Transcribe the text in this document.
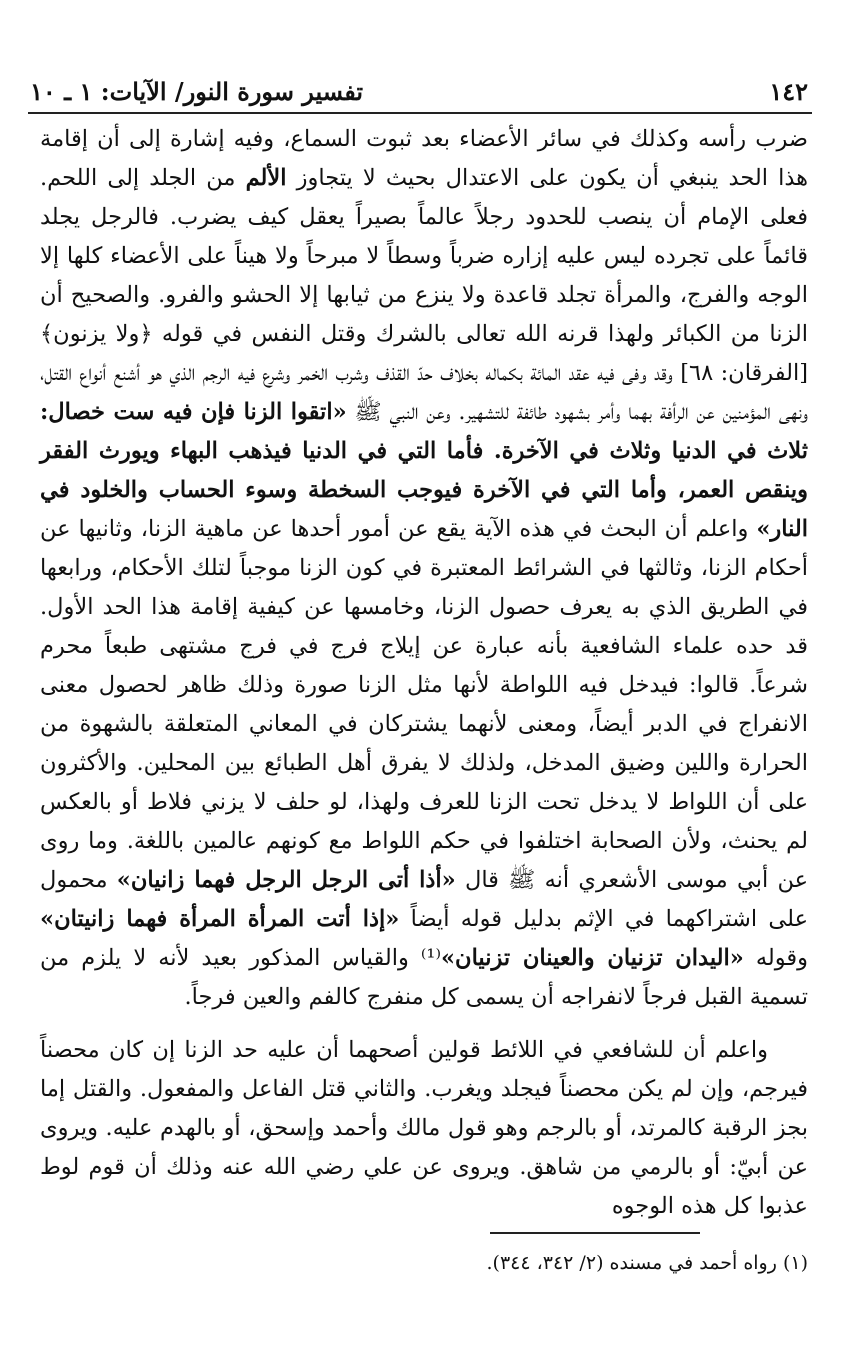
١٤٢
تفسير سورة النور/ الآيات: ١ ـ ١٠

ضرب رأسه وكذلك في سائر الأعضاء بعد ثبوت السماع، وفيه إشارة إلى أن إقامة هذا الحد ينبغي أن يكون على الاعتدال بحيث لا يتجاوز الألم من الجلد إلى اللحم. فعلى الإمام أن ينصب للحدود رجلاً عالماً بصيراً يعقل كيف يضرب. فالرجل يجلد قائماً على تجرده ليس عليه إزاره ضرباً وسطاً لا مبرحاً ولا هيناً على الأعضاء كلها إلا الوجه والفرج، والمرأة تجلد قاعدة ولا ينزع من ثيابها إلا الحشو والفرو. والصحيح أن الزنا من الكبائر ولهذا قرنه الله تعالى بالشرك وقتل النفس في قوله ﴿ولا يزنون﴾ [الفرقان: ٦٨] وقد وفى فيه عقد المائة بكماله بخلاف حدّ القذف وشرب الخمر وشرع فيه الرجم الذي هو أشنع أنواع القتل، ونهى المؤمنين عن الرأفة بهما وأمر بشهود طائفة للتشهير. وعن النبي ﷺ «اتقوا الزنا فإن فيه ست خصال: ثلاث في الدنيا وثلاث في الآخرة. فأما التي في الدنيا فيذهب البهاء ويورث الفقر وينقص العمر، وأما التي في الآخرة فيوجب السخطة وسوء الحساب والخلود في النار» واعلم أن البحث في هذه الآية يقع عن أمور أحدها عن ماهية الزنا، وثانيها عن أحكام الزنا، وثالثها في الشرائط المعتبرة في كون الزنا موجباً لتلك الأحكام، ورابعها في الطريق الذي به يعرف حصول الزنا، وخامسها عن كيفية إقامة هذا الحد الأول. قد حده علماء الشافعية بأنه عبارة عن إيلاج فرج في فرج مشتهى طبعاً محرم شرعاً. قالوا: فيدخل فيه اللواطة لأنها مثل الزنا صورة وذلك ظاهر لحصول معنى الانفراج في الدبر أيضاً، ومعنى لأنهما يشتركان في المعاني المتعلقة بالشهوة من الحرارة واللين وضيق المدخل، ولذلك لا يفرق أهل الطبائع بين المحلين. والأكثرون على أن اللواط لا يدخل تحت الزنا للعرف ولهذا، لو حلف لا يزني فلاط أو بالعكس لم يحنث، ولأن الصحابة اختلفوا في حكم اللواط مع كونهم عالمين باللغة. وما روى عن أبي موسى الأشعري أنه ﷺ قال «أذا أتى الرجل الرجل فهما زانيان» محمول على اشتراكهما في الإثم بدليل قوله أيضاً «إذا أتت المرأة المرأة فهما زانيتان» وقوله «اليدان تزنيان والعينان تزنيان»⁽¹⁾ والقياس المذكور بعيد لأنه لا يلزم من تسمية القبل فرجاً لانفراجه أن يسمى كل منفرج كالفم والعين فرجاً.

واعلم أن للشافعي في اللائط قولين أصحهما أن عليه حد الزنا إن كان محصناً فيرجم، وإن لم يكن محصناً فيجلد ويغرب. والثاني قتل الفاعل والمفعول. والقتل إما بجز الرقبة كالمرتد، أو بالرجم وهو قول مالك وأحمد وإسحق، أو بالهدم عليه. ويروى عن أبيّ: أو بالرمي من شاهق. ويروى عن علي رضي الله عنه وذلك أن قوم لوط عذبوا كل هذه الوجوه

(١) رواه أحمد في مسنده (٢/ ٣٤٢، ٣٤٤).
